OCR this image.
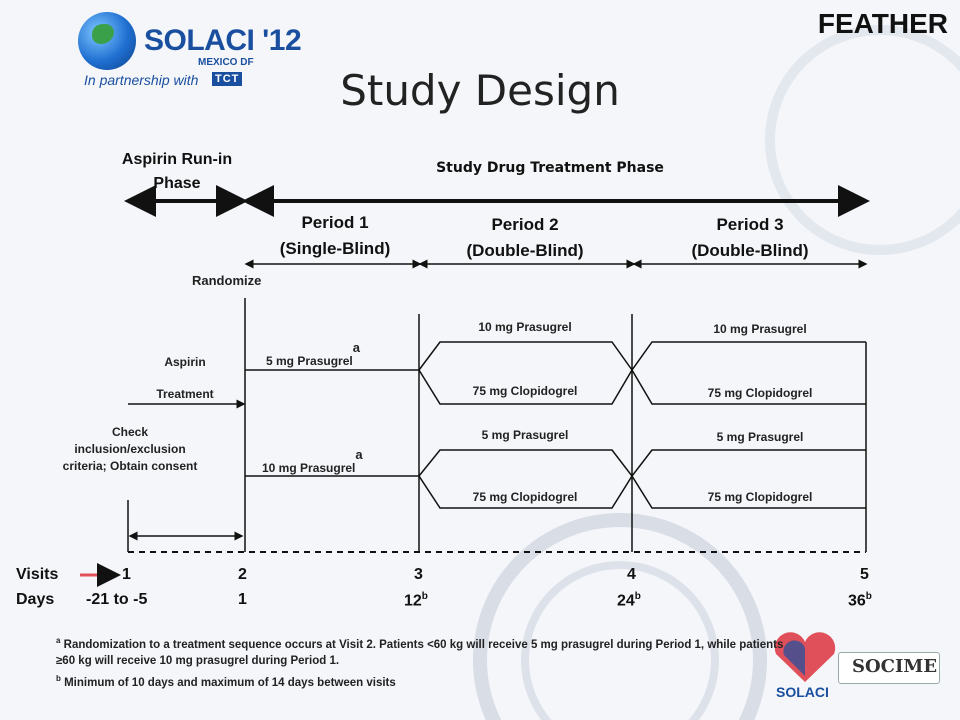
SOLACI '12
MEXICO DF
In partnership with TCT
FEATHER
Study Design
Aspirin Run-in
Phase
Study Drug Treatment Phase
Period 1
(Single-Blind)
Period 2
(Double-Blind)
Period 3
(Double-Blind)
Randomize
Aspirin
Treatment
Check
inclusion/exclusion
criteria; Obtain consent
5 mg Prasugrela
10 mg Prasugrela
10 mg Prasugrel
75 mg Clopidogrel
5 mg Prasugrel
75 mg Clopidogrel
10 mg Prasugrel
75 mg Clopidogrel
5 mg Prasugrel
75 mg Clopidogrel
Visits	1	2	3	4	5
Days -21 to -5	1	12$^b$	24$^b$	36$^b$
SOLACI
SOCIME
$^a$ Randomization to a treatment sequence occurs at Visit 2. Patients <60 kg will receive 5 mg prasugrel during Period 1, while patients
≥60 kg will receive 10 mg prasugrel during Period 1.
$^b$ Minimum of 10 days and maximum of 14 days between visits
